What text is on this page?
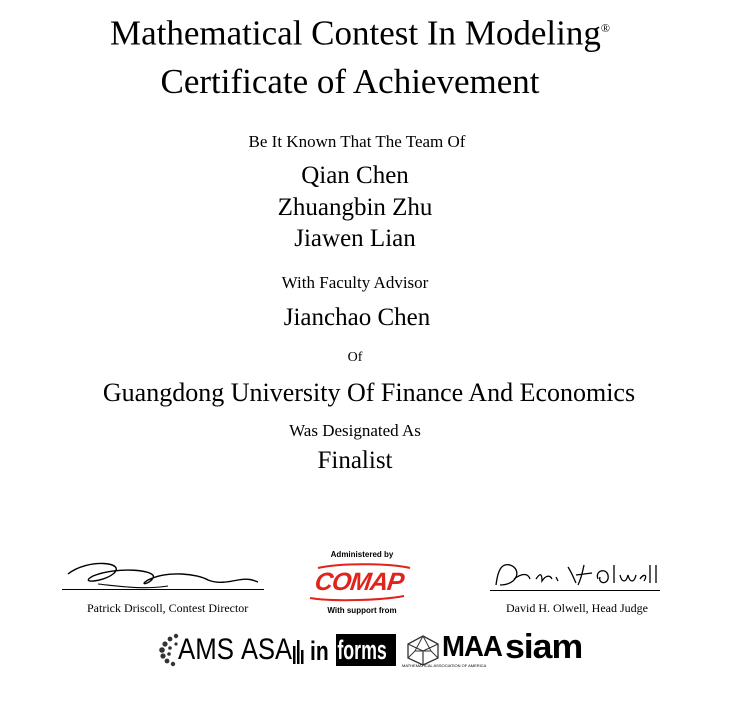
Mathematical Contest In Modeling®
Certificate of Achievement
Be It Known That The Team Of
Qian Chen
Zhuangbin Zhu
Jiawen Lian
With Faculty Advisor
Jianchao Chen
Of
Guangdong University Of Finance And Economics
Was Designated As
Finalist
Patrick Driscoll, Contest Director	David H. Olwell, Head Judge
Administered by
COMAP
With support from
AMS ASA in forms	MAA
MATHEMATICAL ASSOCIATION OF AMERICA siam
